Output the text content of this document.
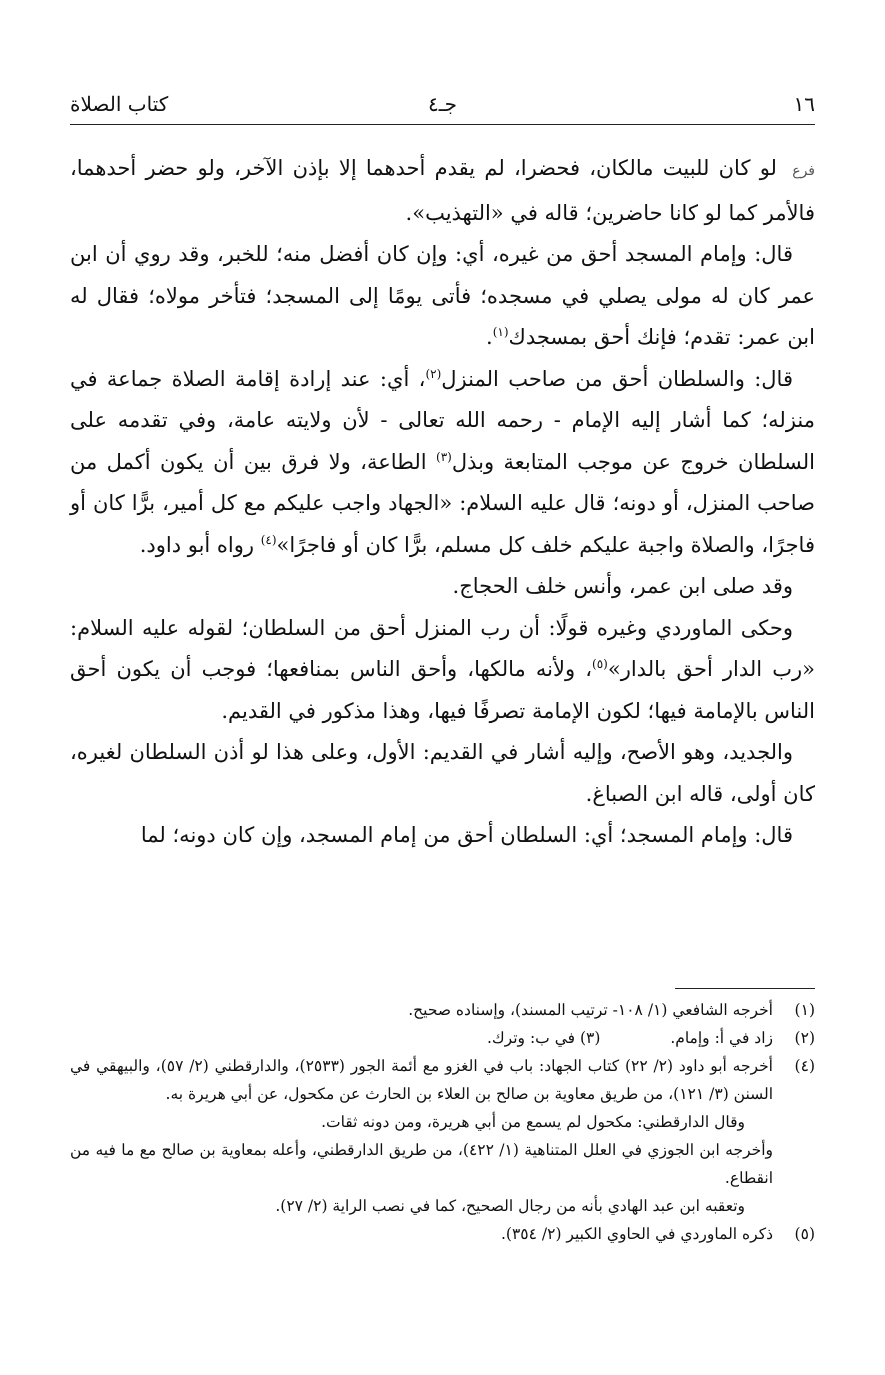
١٦
جـ٤
كتاب الصلاة

فرع لو كان للبيت مالكان، فحضرا، لم يقدم أحدهما إلا بإذن الآخر، ولو حضر أحدهما، فالأمر كما لو كانا حاضرين؛ قاله في «التهذيب».

قال: وإمام المسجد أحق من غيره، أي: وإن كان أفضل منه؛ للخبر، وقد روي أن ابن عمر كان له مولى يصلي في مسجده؛ فأتى يومًا إلى المسجد؛ فتأخر مولاه؛ فقال له ابن عمر: تقدم؛ فإنك أحق بمسجدك$^{(١)}$.

قال: والسلطان أحق من صاحب المنزل$^{(٢)}$، أي: عند إرادة إقامة الصلاة جماعة في منزله؛ كما أشار إليه الإمام - رحمه الله تعالى - لأن ولايته عامة، وفي تقدمه على السلطان خروج عن موجب المتابعة وبذل$^{(٣)}$ الطاعة، ولا فرق بين أن يكون أكمل من صاحب المنزل، أو دونه؛ قال عليه السلام: «الجهاد واجب عليكم مع كل أمير، برًّا كان أو فاجرًا، والصلاة واجبة عليكم خلف كل مسلم، برًّا كان أو فاجرًا»$^{(٤)}$ رواه أبو داود.

وقد صلى ابن عمر، وأنس خلف الحجاج.

وحكى الماوردي وغيره قولًا: أن رب المنزل أحق من السلطان؛ لقوله عليه السلام: «رب الدار أحق بالدار»$^{(٥)}$، ولأنه مالكها، وأحق الناس بمنافعها؛ فوجب أن يكون أحق الناس بالإمامة فيها؛ لكون الإمامة تصرفًا فيها، وهذا مذكور في القديم.

والجديد، وهو الأصح، وإليه أشار في القديم: الأول، وعلى هذا لو أذن السلطان لغيره، كان أولى، قاله ابن الصباغ.

قال: وإمام المسجد؛ أي: السلطان أحق من إمام المسجد، وإن كان دونه؛ لما

(١)
أخرجه الشافعي (١/ ١٠٨- ترتيب المسند)، وإسناده صحيح.
(٢)
زاد في أ: وإمام.  (٣) في ب: وترك.
(٤)
أخرجه أبو داود (٢/ ٢٢) كتاب الجهاد: باب في الغزو مع أئمة الجور (٢٥٣٣)، والدارقطني (٢/ ٥٧)، والبيهقي في السنن (٣/ ١٢١)، من طريق معاوية بن صالح بن العلاء بن الحارث عن مكحول، عن أبي هريرة به.
وقال الدارقطني: مكحول لم يسمع من أبي هريرة، ومن دونه ثقات.
وأخرجه ابن الجوزي في العلل المتناهية (١/ ٤٢٢)، من طريق الدارقطني، وأعله بمعاوية بن صالح مع ما فيه من انقطاع.
وتعقبه ابن عبد الهادي بأنه من رجال الصحيح، كما في نصب الراية (٢/ ٢٧).
(٥)
ذكره الماوردي في الحاوي الكبير (٢/ ٣٥٤).
